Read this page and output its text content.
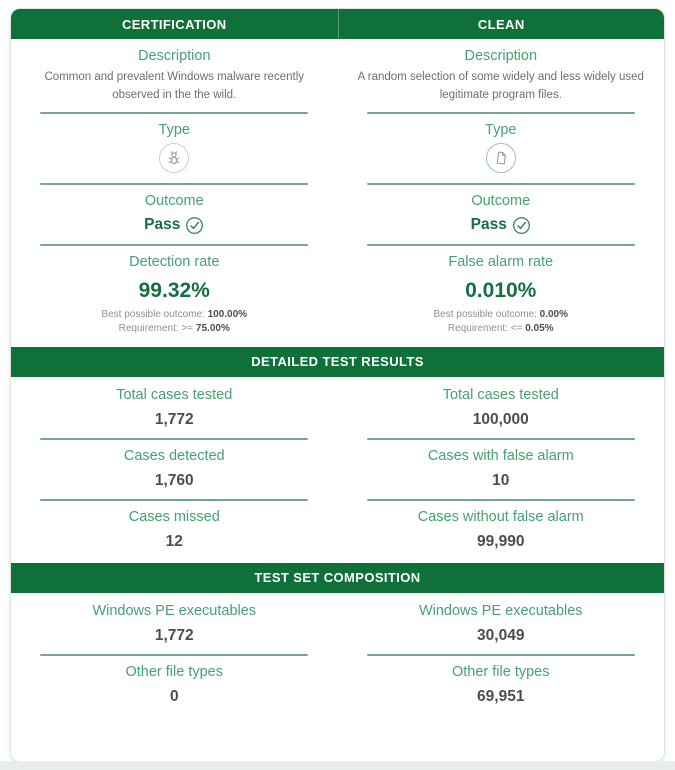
CERTIFICATION	CLEAN
Description	Description
Common and prevalent Windows malware recently observed in the the wild.
A random selection of some widely and less widely used legitimate program files.
Type	Type
Outcome	Outcome
Pass	Pass
Detection rate	False alarm rate
99.32%	0.010%
Best possible outcome: 100.00%
Requirement: >= 75.00%
Best possible outcome: 0.00%
Requirement: <= 0.05%
DETAILED TEST RESULTS
Total cases tested	Total cases tested
1,772	100,000
Cases detected	Cases with false alarm
1,760	10
Cases missed	Cases without false alarm
12	99,990
TEST SET COMPOSITION
Windows PE executables	Windows PE executables
1,772	30,049
Other file types	Other file types
0	69,951
